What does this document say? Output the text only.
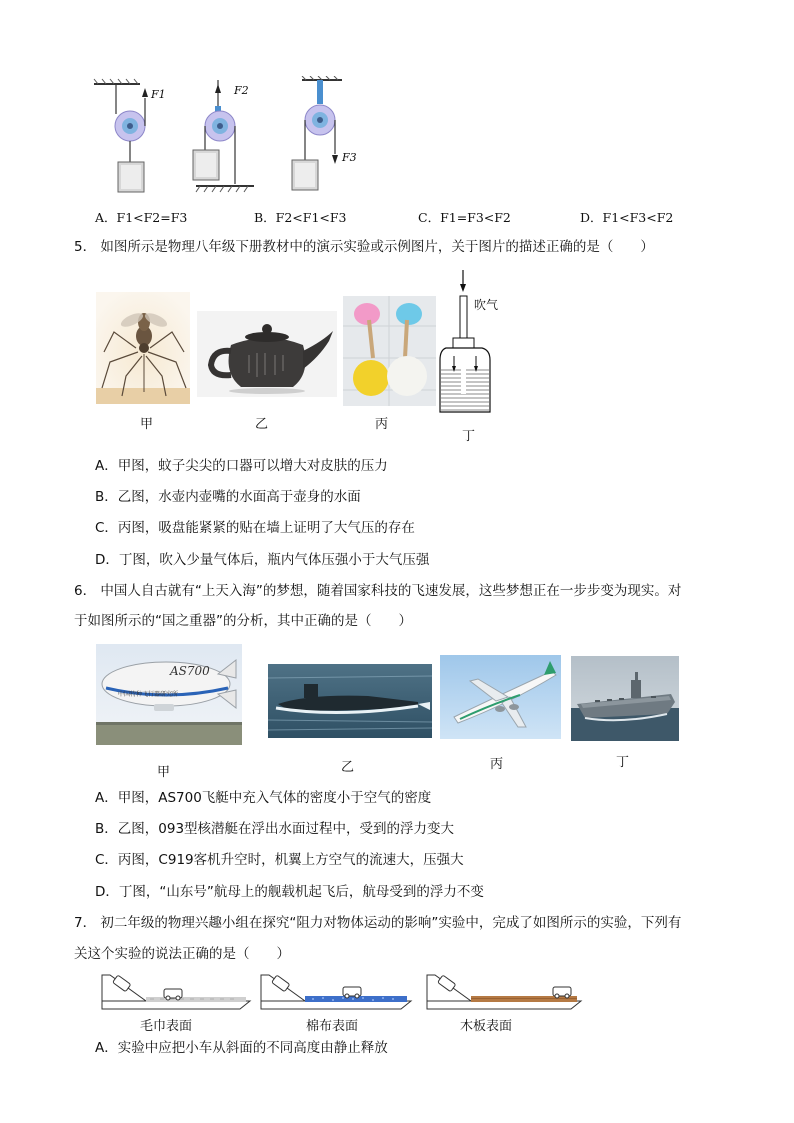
F1	F2
F3
A．F1<F2=F3	B．F2<F1<F3	C．F1=F3<F2	D．F1<F3<F2
5． 如图所示是物理八年级下册教材中的演示实验或示例图片，关于图片的描述正确的是（　　）
吹气
甲	乙	丙
丁
A．甲图，蚊子尖尖的口器可以增大对皮肤的压力
B．乙图，水壶内壶嘴的水面高于壶身的水面
C．丙图，吸盘能紧紧的贴在墙上证明了大气压的存在
D．丁图，吹入少量气体后，瓶内气体压强小于大气压强
6． 中国人自古就有“上天入海”的梦想，随着国家科技的飞速发展，这些梦想正在一步步变为现实。对
于如图所示的“国之重器”的分析，其中正确的是（　　）
中国特种飞行器研究所
AS700
甲	乙	丙	丁
A．甲图，AS700飞艇中充入气体的密度小于空气的密度
B．乙图，093型核潜艇在浮出水面过程中，受到的浮力变大
C．丙图，C919客机升空时，机翼上方空气的流速大，压强大
D．丁图，“山东号”航母上的舰载机起飞后，航母受到的浮力不变
7． 初二年级的物理兴趣小组在探究“阻力对物体运动的影响”实验中，完成了如图所示的实验，下列有
关这个实验的说法正确的是（　　）
毛巾表面	棉布表面	木板表面
A．实验中应把小车从斜面的不同高度由静止释放
